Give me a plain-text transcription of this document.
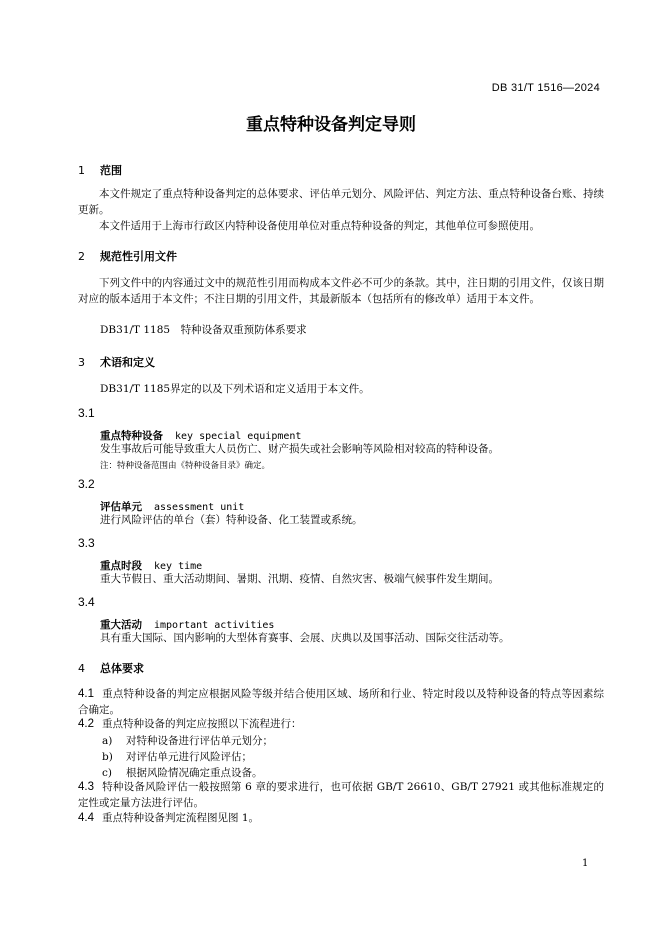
DB 31/T 1516—2024
重点特种设备判定导则
1 范围
本文件规定了重点特种设备判定的总体要求、评估单元划分、风险评估、判定方法、重点特种设备台账、持续更新。
本文件适用于上海市行政区内特种设备使用单位对重点特种设备的判定，其他单位可参照使用。
2 规范性引用文件
下列文件中的内容通过文中的规范性引用而构成本文件必不可少的条款。其中，注日期的引用文件，仅该日期对应的版本适用于本文件；不注日期的引用文件，其最新版本（包括所有的修改单）适用于本文件。
DB31/T 1185　特种设备双重预防体系要求
3 术语和定义
DB31/T 1185界定的以及下列术语和定义适用于本文件。
3.1
重点特种设备 key special equipment
发生事故后可能导致重大人员伤亡、财产损失或社会影响等风险相对较高的特种设备。
注：特种设备范围由《特种设备目录》确定。
3.2
评估单元 assessment unit
进行风险评估的单台（套）特种设备、化工装置或系统。
3.3
重点时段 key time
重大节假日、重大活动期间、暑期、汛期、疫情、自然灾害、极端气候事件发生期间。
3.4
重大活动 important activities
具有重大国际、国内影响的大型体育赛事、会展、庆典以及国事活动、国际交往活动等。
4 总体要求
4.1 重点特种设备的判定应根据风险等级并结合使用区域、场所和行业、特定时段以及特种设备的特点等因素综合确定。
4.2 重点特种设备的判定应按照以下流程进行：
a) 对特种设备进行评估单元划分；
b) 对评估单元进行风险评估；
c) 根据风险情况确定重点设备。
4.3 特种设备风险评估一般按照第 6 章的要求进行，也可依据 GB/T 26610、GB/T 27921 或其他标准规定的定性或定量方法进行评估。
4.4 重点特种设备判定流程图见图 1。
1
